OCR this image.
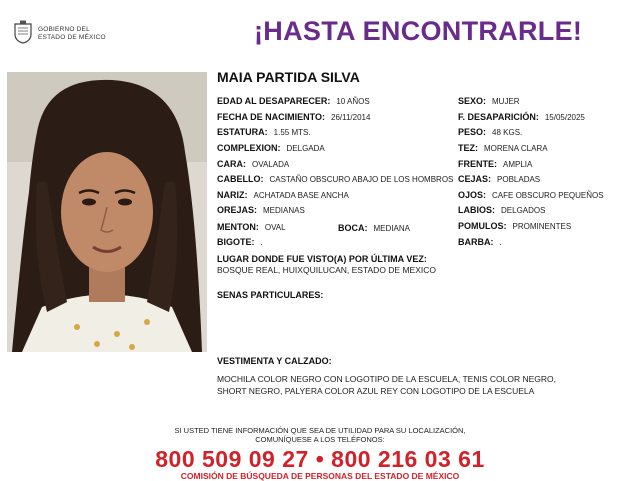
GOBIERNO DEL
ESTADO DE MÉXICO	¡HASTA ENCONTRARLE!
MAIA PARTIDA SILVA
EDAD AL DESAPARECER: 10 AÑOS
FECHA DE NACIMIENTO: 26/11/2014
ESTATURA: 1.55 MTS.
COMPLEXION: DELGADA
CARA: OVALADA
CABELLO: CASTAÑO OBSCURO ABAJO DE LOS HOMBROS
NARIZ: ACHATADA BASE ANCHA
OREJAS: MEDIANAS
MENTON: OVAL
BIGOTE: .
BOCA: MEDIANA
SEXO: MUJER
F. DESAPARICIÓN: 15/05/2025
PESO: 48 KGS.
TEZ: MORENA CLARA
FRENTE: AMPLIA
CEJAS: POBLADAS
OJOS: CAFE OBSCURO PEQUEÑOS
LABIOS: DELGADOS
POMULOS: PROMINENTES
BARBA: .
LUGAR DONDE FUE VISTO(A) POR ÚLTIMA VEZ:
BOSQUE REAL, HUIXQUILUCAN, ESTADO DE MEXICO
SENAS PARTICULARES:
VESTIMENTA Y CALZADO:
MOCHILA COLOR NEGRO CON LOGOTIPO DE LA ESCUELA, TENIS COLOR NEGRO,
SHORT NEGRO, PALYERA COLOR AZUL REY CON LOGOTIPO DE LA ESCUELA
SI USTED TIENE INFORMACIÓN QUE SEA DE UTILIDAD PARA SU LOCALIZACIÓN,
COMUNÍQUESE A LOS TELÉFONOS:
800 509 09 27 • 800 216 03 61
COMISIÓN DE BÚSQUEDA DE PERSONAS DEL ESTADO DE MÉXICO
